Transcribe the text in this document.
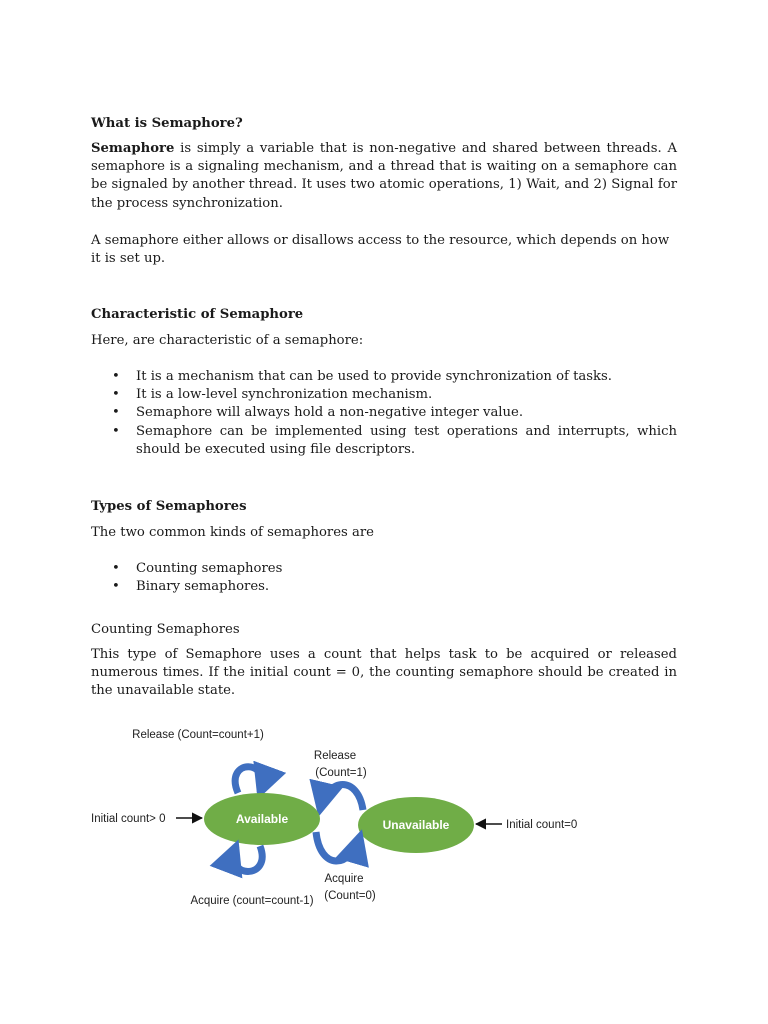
What is Semaphore?

Semaphore is simply a variable that is non-negative and shared between threads. A semaphore is a signaling mechanism, and a thread that is waiting on a semaphore can be signaled by another thread. It uses two atomic operations, 1) Wait, and 2) Signal for the process synchronization.

A semaphore either allows or disallows access to the resource, which depends on how it is set up.

Characteristic of Semaphore

Here, are characteristic of a semaphore:

• It is a mechanism that can be used to provide synchronization of tasks.
• It is a low-level synchronization mechanism.
• Semaphore will always hold a non-negative integer value.
• Semaphore can be implemented using test operations and interrupts, which should be executed using file descriptors.
Types of Semaphores

The two common kinds of semaphores are

• Counting semaphores
• Binary semaphores.

Counting Semaphores

This type of Semaphore uses a count that helps task to be acquired or released numerous times. If the initial count = 0, the counting semaphore should be created in the unavailable state.

Release (Count=count+1)
Release
(Count=1)
Available	Unavailable
Initial count> 0	Initial count=0
Acquire
(Count=0)
Acquire (count=count-1)
